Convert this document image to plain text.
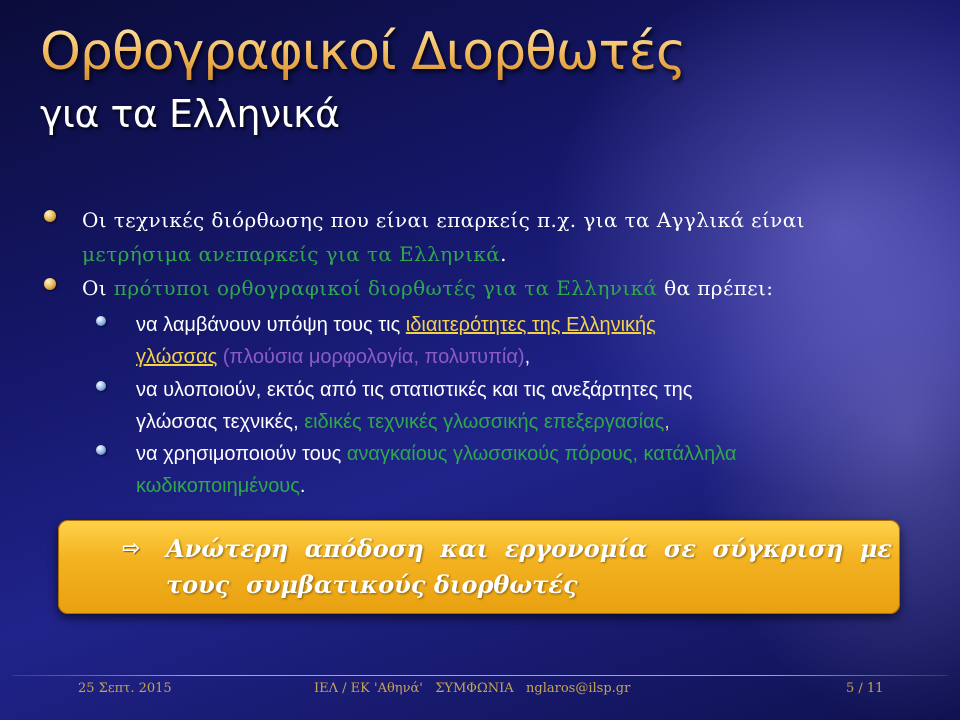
Ορθογραφικοί Διορθωτές
για τα Ελληνικά
Οι τεχνικές διόρθωσης που είναι επαρκείς π.χ. για τα Αγγλικά είναι
μετρήσιμα ανεπαρκείς για τα Ελληνικά.
Οι πρότυποι ορθογραφικοί διορθωτές για τα Ελληνικά θα πρέπει:
να λαμβάνουν υπόψη τους τις ιδιαιτερότητες της Ελληνικής
γλώσσας (πλούσια μορφολογία, πολυτυπία),
να υλοποιούν, εκτός από τις στατιστικές και τις ανεξάρτητες της
γλώσσας τεχνικές, ειδικές τεχνικές γλωσσικής επεξεργασίας,
να χρησιμοποιούν τους αναγκαίους γλωσσικούς πόρους, κατάλληλα
κωδικοποιημένους.
⇨ Ανώτερη απόδοση και εργονομία σε σύγκριση με
τους  συμβατικούς διορθωτές
25 Σεπτ. 2015	ΙΕΛ / ΕΚ 'Αθηνά'   ΣΥΜΦΩΝΙΑ   nglaros@ilsp.gr	5 / 11
